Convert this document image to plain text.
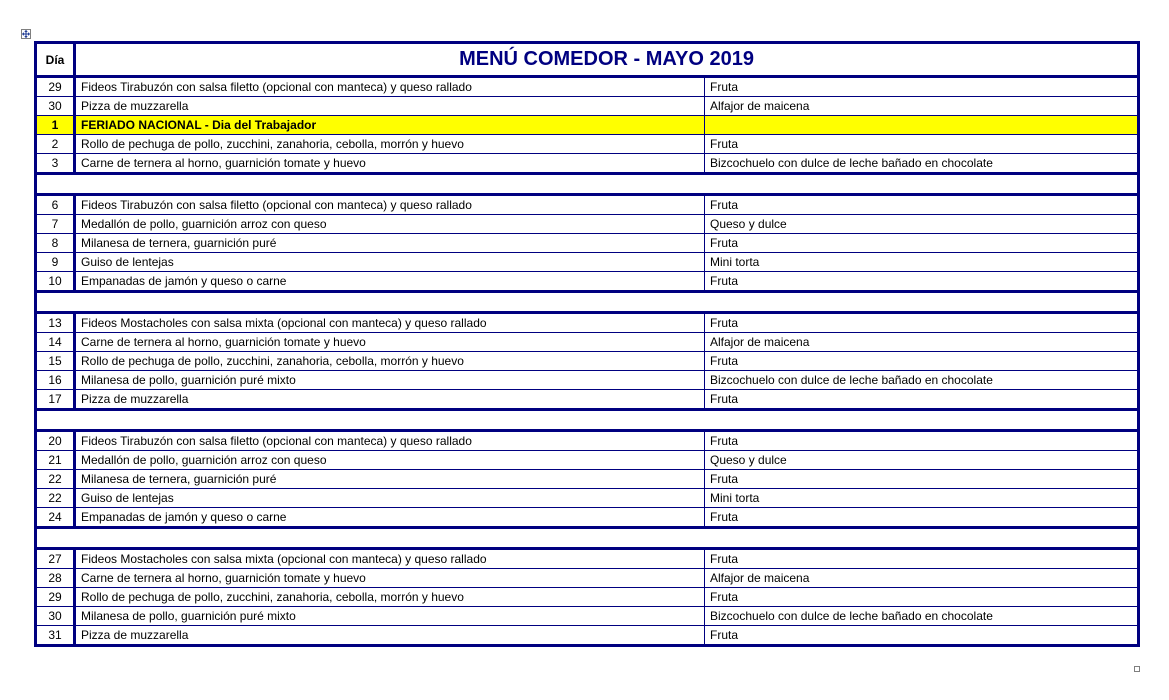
Día	MENÚ COMEDOR - MAYO 2019	
29	Fideos Tirabuzón con salsa filetto (opcional con manteca) y queso rallado	Fruta
30	Pizza de muzzarella	Alfajor de maicena
1	FERIADO NACIONAL - Dia del Trabajador	
2	Rollo de pechuga de pollo, zucchini, zanahoria, cebolla, morrón y huevo	Fruta
3	Carne de ternera al horno, guarnición tomate y huevo	Bizcochuelo con dulce de leche bañado en chocolate

6	Fideos Tirabuzón con salsa filetto (opcional con manteca) y queso rallado	Fruta
7	Medallón de pollo, guarnición arroz con queso	Queso y dulce
8	Milanesa de ternera, guarnición puré	Fruta
9	Guiso de lentejas	Mini torta
10	Empanadas de jamón y queso o carne	Fruta

13	Fideos Mostacholes con salsa mixta (opcional con manteca) y queso rallado	Fruta
14	Carne de ternera al horno, guarnición tomate y huevo	Alfajor de maicena
15	Rollo de pechuga de pollo, zucchini, zanahoria, cebolla, morrón y huevo	Fruta
16	Milanesa de pollo, guarnición puré mixto	Bizcochuelo con dulce de leche bañado en chocolate
17	Pizza de muzzarella	Fruta

20	Fideos Tirabuzón con salsa filetto (opcional con manteca) y queso rallado	Fruta
21	Medallón de pollo, guarnición arroz con queso	Queso y dulce
22	Milanesa de ternera, guarnición puré	Fruta
22	Guiso de lentejas	Mini torta
24	Empanadas de jamón y queso o carne	Fruta

27	Fideos Mostacholes con salsa mixta (opcional con manteca) y queso rallado	Fruta
28	Carne de ternera al horno, guarnición tomate y huevo	Alfajor de maicena
29	Rollo de pechuga de pollo, zucchini, zanahoria, cebolla, morrón y huevo	Fruta
30	Milanesa de pollo, guarnición puré mixto	Bizcochuelo con dulce de leche bañado en chocolate
31	Pizza de muzzarella	Fruta
